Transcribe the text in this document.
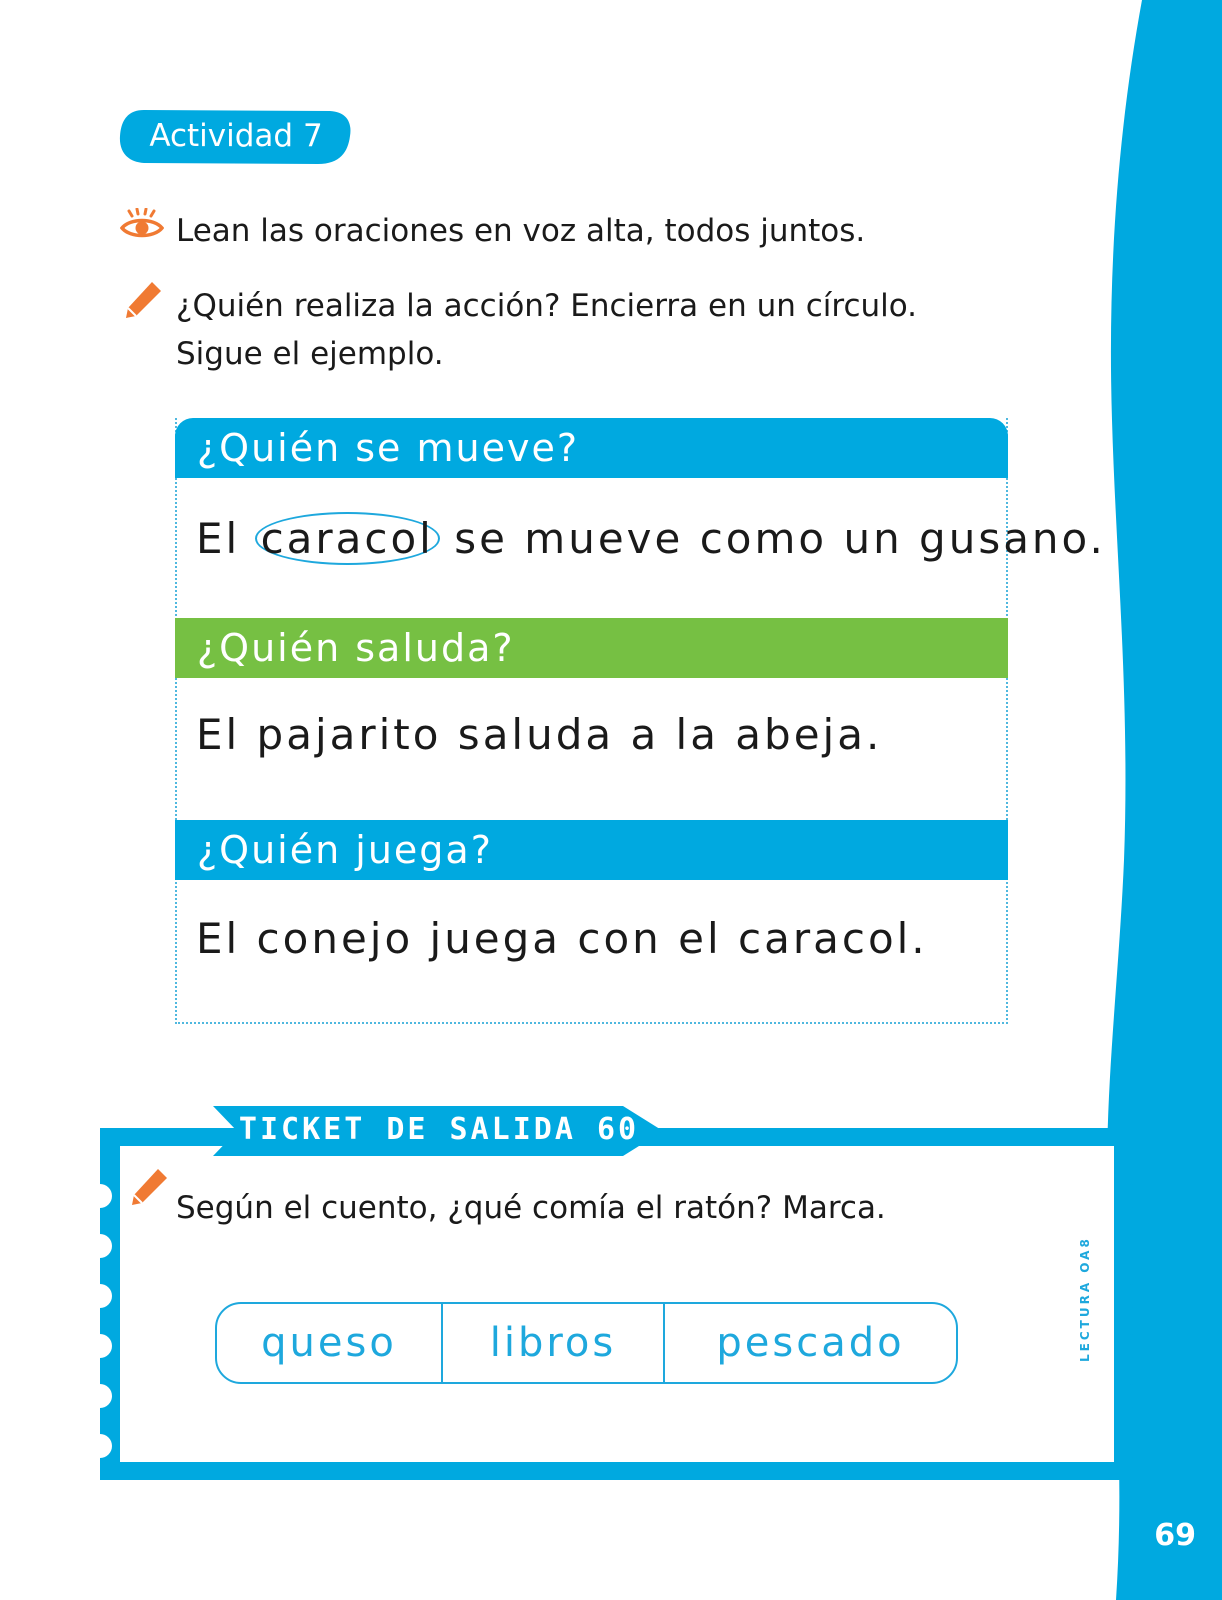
69
Actividad 7
Lean las oraciones en voz alta, todos juntos.
¿Quién realiza la acción? Encierra en un círculo.
Sigue el ejemplo.
¿Quién se mueve?
El caracol se mueve como un gusano.
¿Quién saluda?
El pajarito saluda a la abeja.
¿Quién juega?
El conejo juega con el caracol.
TICKET DE SALIDA 60
Según el cuento, ¿qué comía el ratón? Marca.
queso	libros	pescado	LECTURA OA8
